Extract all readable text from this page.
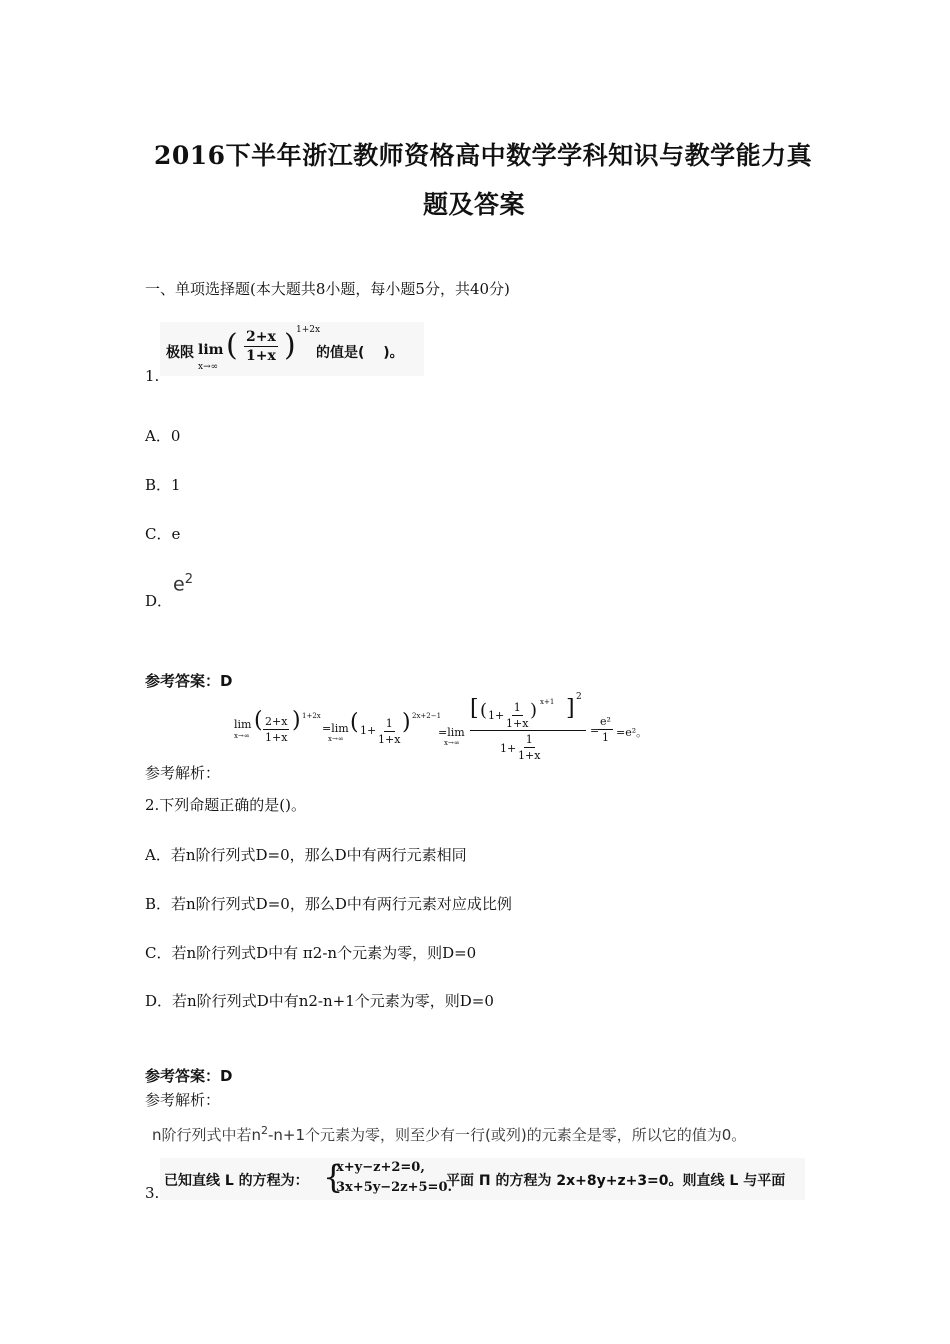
2016下半年浙江教师资格高中数学学科知识与教学能力真
题及答案
一、单项选择题(本大题共8小题，每小题5分，共40分)
1.
极限 lim
x→∞
( $\frac{2+x}{1+x}$ ) 1+2x
的值是(　 )。
A．0
B．1
C．e
D．
$e^2$
参考答案：D
lim
x→∞
( $\frac{2+x}{1+x}$ ) 1+2x
=lim
x→∞
( $1+ \frac{1}{1+x}$ ) 2x+2−1
=lim
x→∞
[ ( $1+ \frac{1}{1+x}$ ) x+1 ] 2
$1+ \frac{1}{1+x}$
=
$\frac{\text{e²}}{1} =e^2$。
参考解析：
2.下列命题正确的是()。
A．若n阶行列式D=0，那么D中有两行元素相同
B．若n阶行列式D=0，那么D中有两行元素对应成比例
C．若n阶行列式D中有 π2-n个元素为零，则D=0
D．若n阶行列式D中有n2-n+1个元素为零，则D=0
参考答案：D
参考解析：
n阶行列式中若$n^2-n+1$个元素为零，则至少有一行(或列)的元素全是零，所以它的值为0。
3.
已知直线 L 的方程为： {
x+y−z+2=0,
3x+5y−2z+5=0.
平面 Π 的方程为 2x+8y+z+3=0。则直线 L 与平面
